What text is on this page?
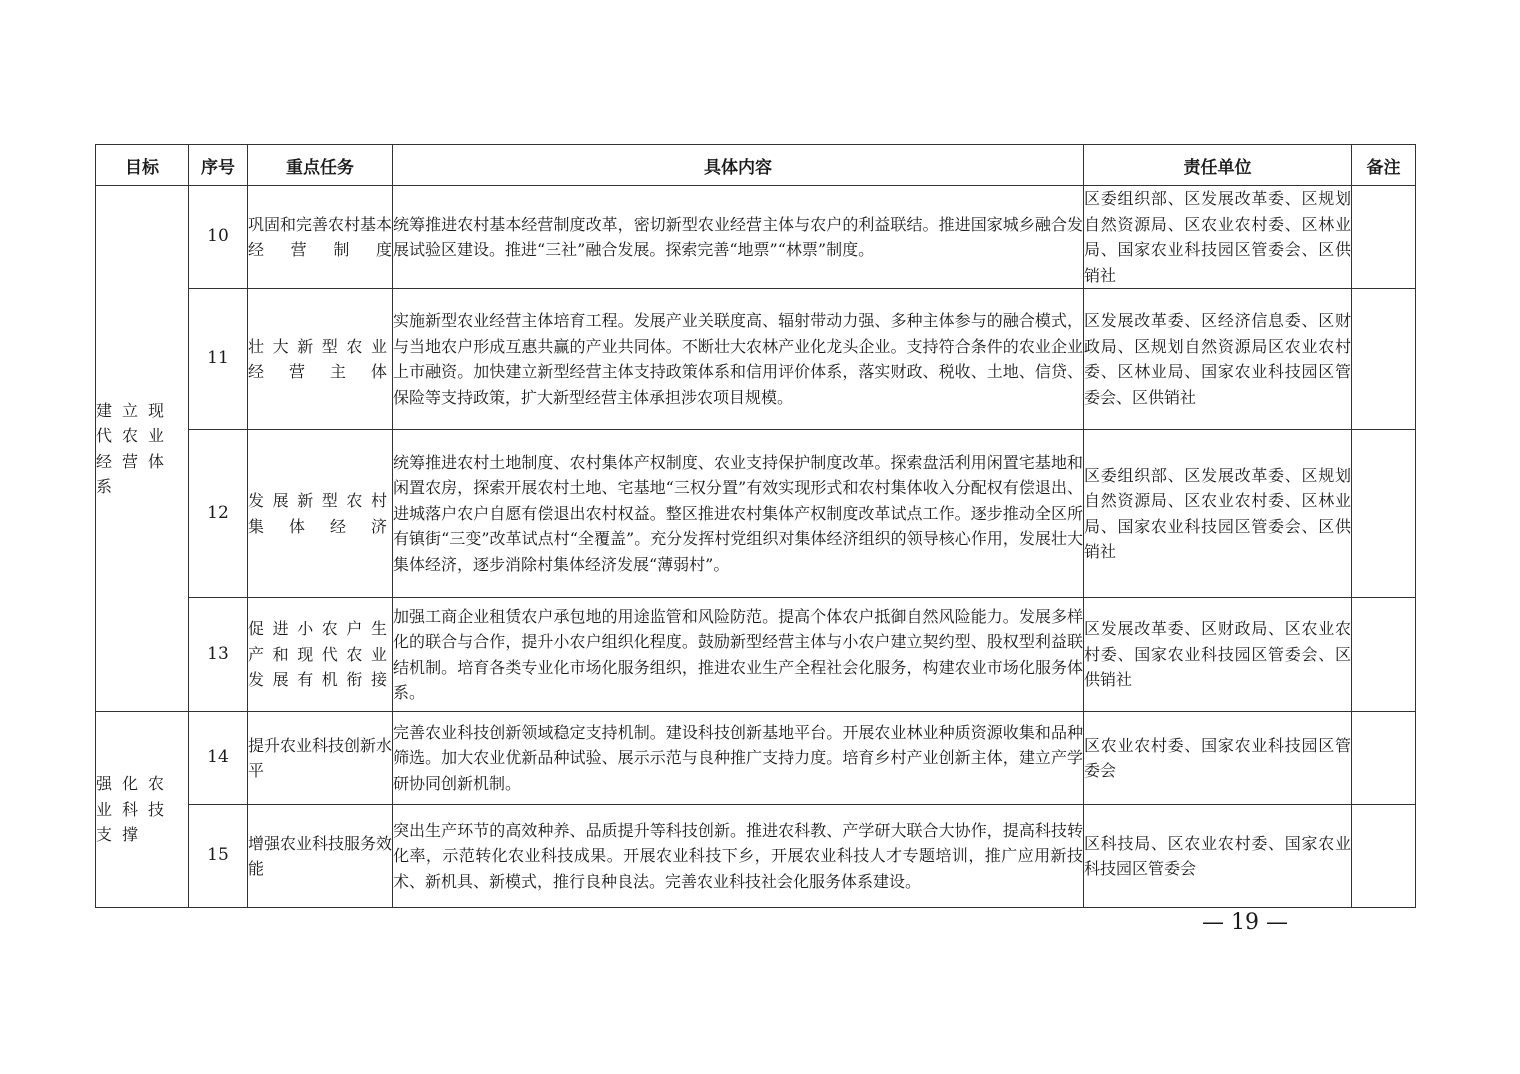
目标	序号	重点任务	具体内容	责任单位	备注
建立现代农业经营体系	10	巩固和完善农村基本经营制度	统筹推进农村基本经营制度改革，密切新型农业经营主体与农户的利益联结。推进国家城乡融合发展试验区建设。推进“三社”融合发展。探索完善“地票”“林票”制度。	区委组织部、区发展改革委、区规划自然资源局、区农业农村委、区林业局、国家农业科技园区管委会、区供销社	
	11	壮大新型农业经营主体	实施新型农业经营主体培育工程。发展产业关联度高、辐射带动力强、多种主体参与的融合模式，与当地农户形成互惠共赢的产业共同体。不断壮大农林产业化龙头企业。支持符合条件的农业企业上市融资。加快建立新型经营主体支持政策体系和信用评价体系，落实财政、税收、土地、信贷、保险等支持政策，扩大新型经营主体承担涉农项目规模。	区发展改革委、区经济信息委、区财政局、区规划自然资源局区农业农村委、区林业局、国家农业科技园区管委会、区供销社	
	12	发展新型农村集体经济	统筹推进农村土地制度、农村集体产权制度、农业支持保护制度改革。探索盘活利用闲置宅基地和闲置农房，探索开展农村土地、宅基地“三权分置”有效实现形式和农村集体收入分配权有偿退出、进城落户农户自愿有偿退出农村权益。整区推进农村集体产权制度改革试点工作。逐步推动全区所有镇街“三变”改革试点村“全覆盖”。充分发挥村党组织对集体经济组织的领导核心作用，发展壮大集体经济，逐步消除村集体经济发展“薄弱村”。	区委组织部、区发展改革委、区规划自然资源局、区农业农村委、区林业局、国家农业科技园区管委会、区供销社	
	13	促进小农户生产和现代农业发展有机衔接	加强工商企业租赁农户承包地的用途监管和风险防范。提高个体农户抵御自然风险能力。发展多样化的联合与合作，提升小农户组织化程度。鼓励新型经营主体与小农户建立契约型、股权型利益联结机制。培育各类专业化市场化服务组织，推进农业生产全程社会化服务，构建农业市场化服务体系。	区发展改革委、区财政局、区农业农村委、国家农业科技园区管委会、区供销社	
强化农业科技支撑	14	提升农业科技创新水平	完善农业科技创新领域稳定支持机制。建设科技创新基地平台。开展农业林业种质资源收集和品种筛选。加大农业优新品种试验、展示示范与良种推广支持力度。培育乡村产业创新主体，建立产学研协同创新机制。	区农业农村委、国家农业科技园区管委会	
	15	增强农业科技服务效能	突出生产环节的高效种养、品质提升等科技创新。推进农科教、产学研大联合大协作，提高科技转化率，示范转化农业科技成果。开展农业科技下乡，开展农业科技人才专题培训，推广应用新技术、新机具、新模式，推行良种良法。完善农业科技社会化服务体系建设。	区科技局、区农业农村委、国家农业科技园区管委会	
— 19 —
